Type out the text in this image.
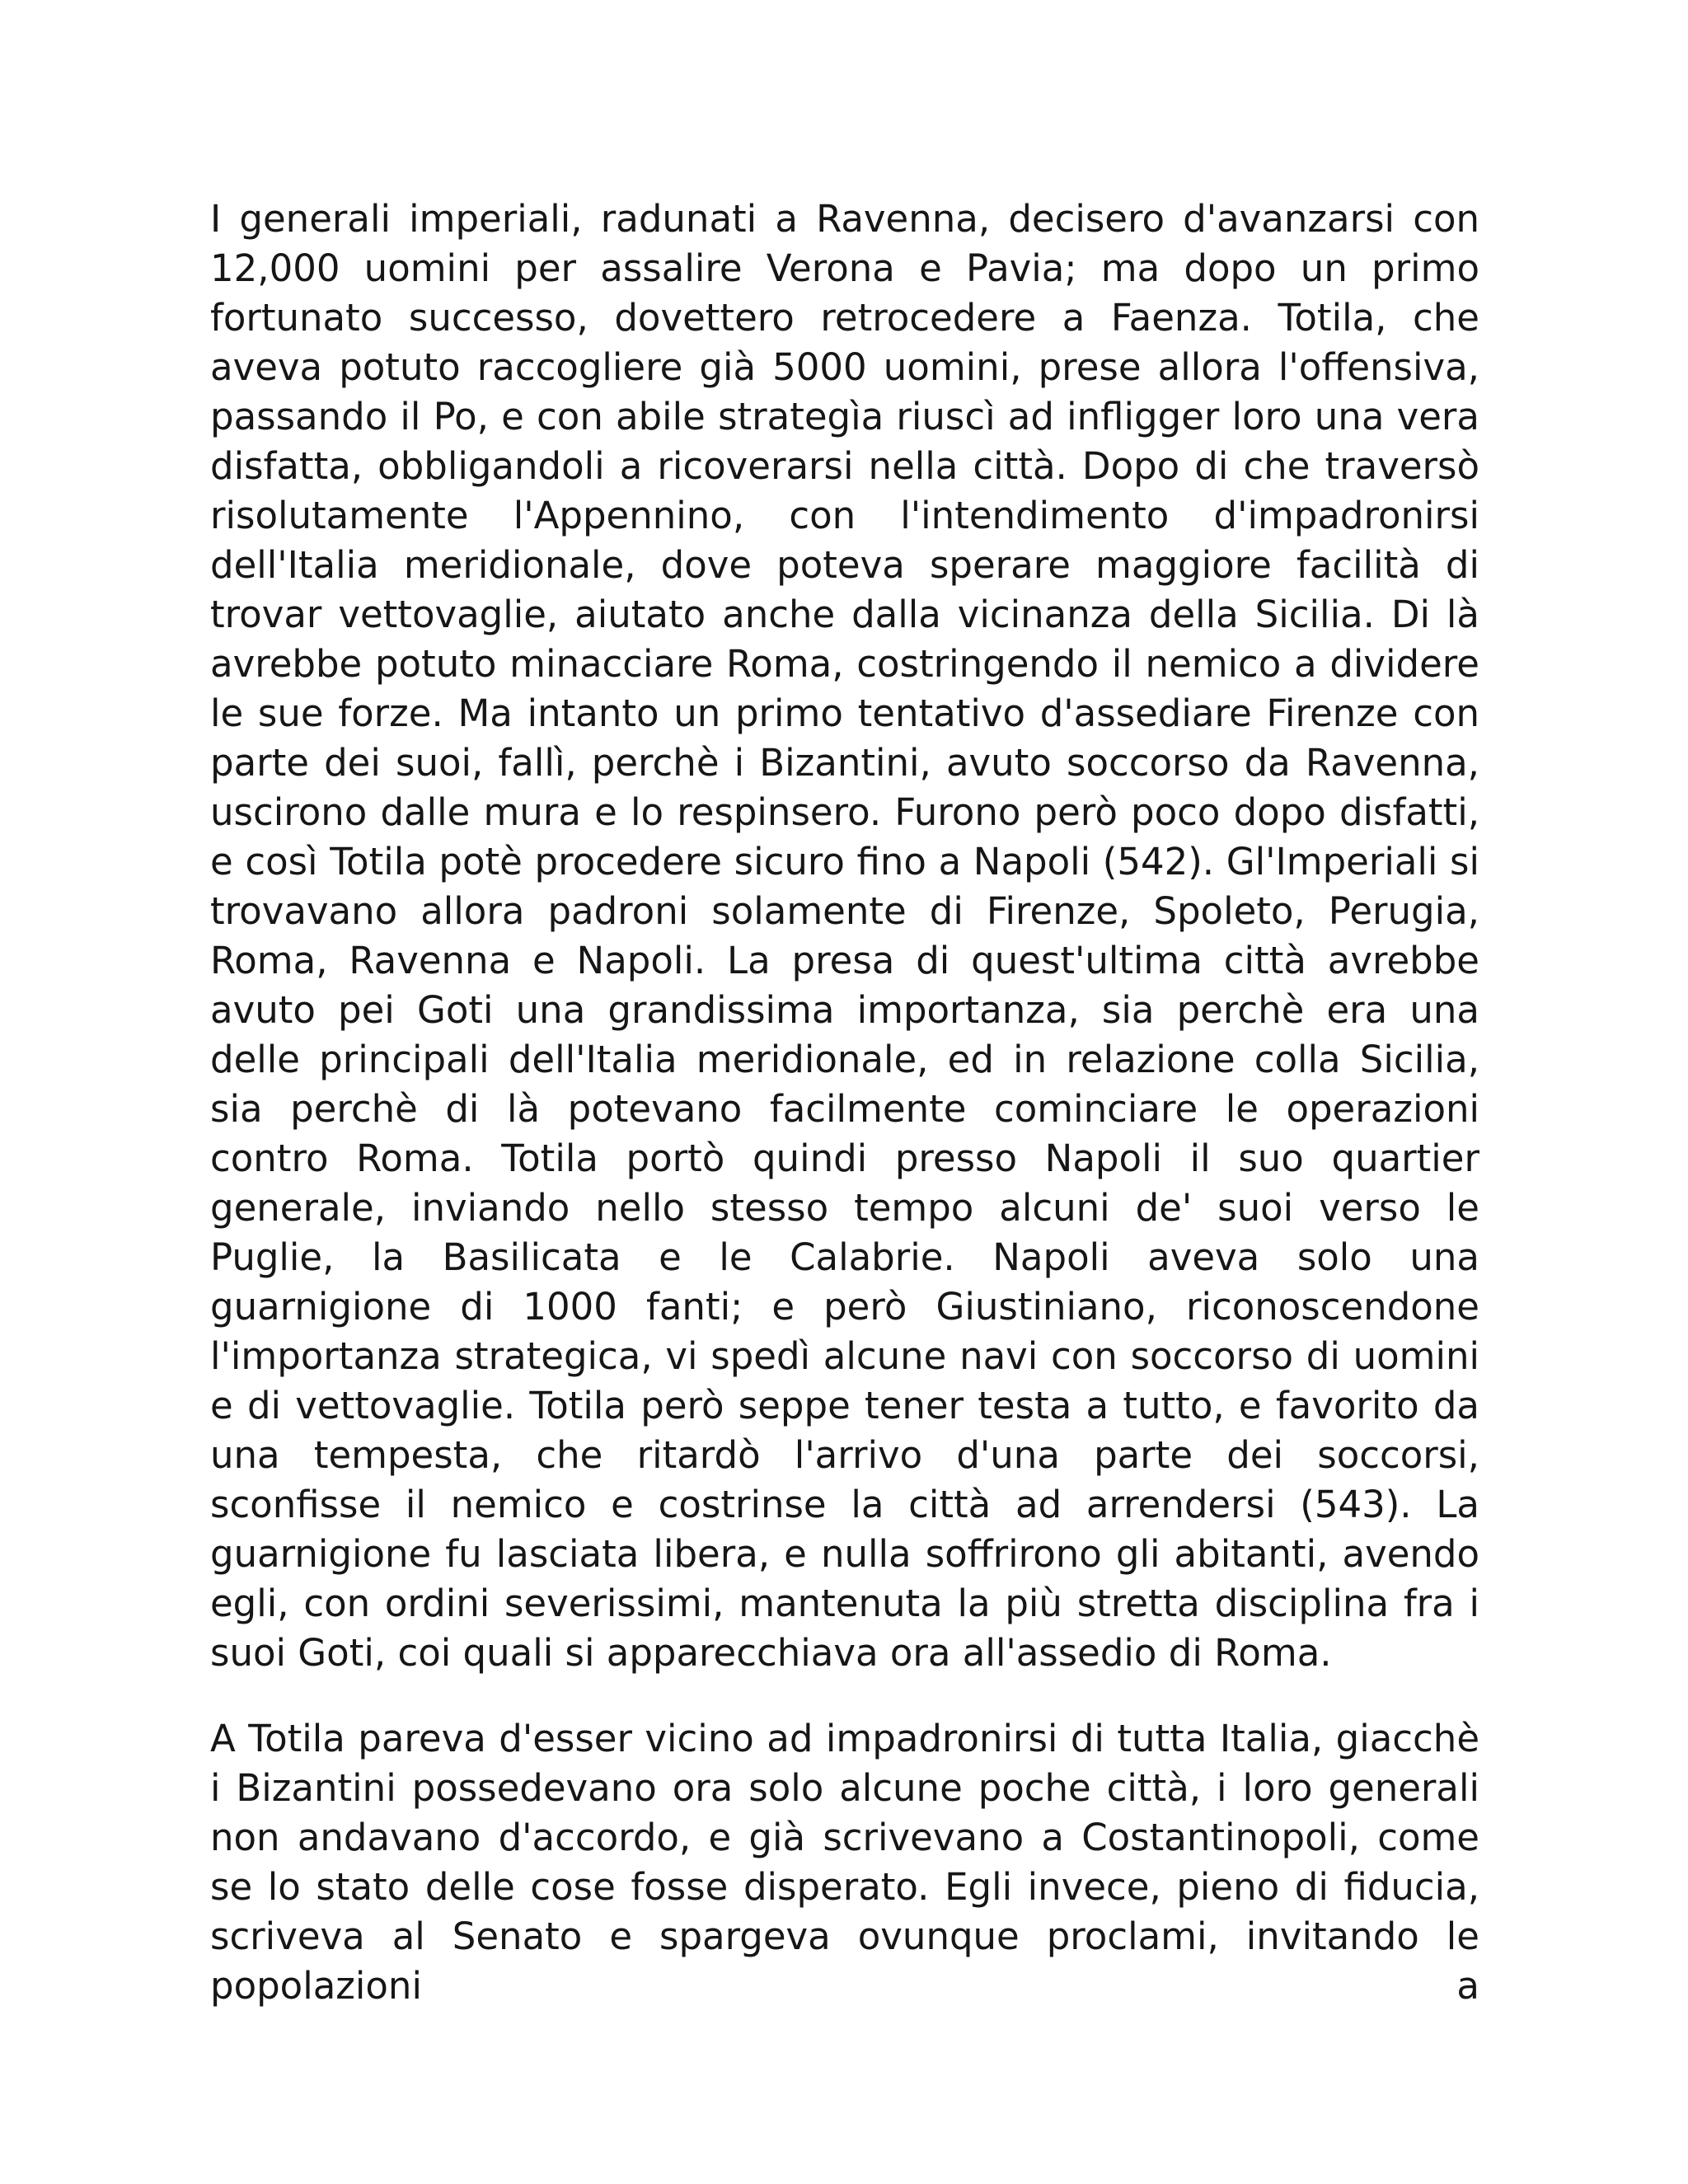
I generali imperiali, radunati a Ravenna, decisero d'avanzarsi con 12,000 uomini per assalire Verona e Pavia; ma dopo un primo fortunato successo, dovettero retrocedere a Faenza. Totila, che aveva potuto raccogliere già 5000 uomini, prese allora l'offensiva, passando il Po, e con abile strategìa riuscì ad infligger loro una vera disfatta, obbligandoli a ricoverarsi nella città. Dopo di che traversò risolutamente l'Appennino, con l'intendimento d'impadronirsi dell'Italia meridionale, dove poteva sperare maggiore facilità di trovar vettovaglie, aiutato anche dalla vicinanza della Sicilia. Di là avrebbe potuto minacciare Roma, costringendo il nemico a dividere le sue forze. Ma intanto un primo tentativo d'assediare Firenze con parte dei suoi, fallì, perchè i Bizantini, avuto soccorso da Ravenna, uscirono dalle mura e lo respinsero. Furono però poco dopo disfatti, e così Totila potè procedere sicuro fino a Napoli (542). Gl'Imperiali si trovavano allora padroni solamente di Firenze, Spoleto, Perugia, Roma, Ravenna e Napoli. La presa di quest'ultima città avrebbe avuto pei Goti una grandissima importanza, sia perchè era una delle principali dell'Italia meridionale, ed in relazione colla Sicilia, sia perchè di là potevano facilmente cominciare le operazioni contro Roma. Totila portò quindi presso Napoli il suo quartier generale, inviando nello stesso tempo alcuni de' suoi verso le Puglie, la Basilicata e le Calabrie. Napoli aveva solo una guarnigione di 1000 fanti; e però Giustiniano, riconoscendone l'importanza strategica, vi spedì alcune navi con soccorso di uomini e di vettovaglie. Totila però seppe tener testa a tutto, e favorito da una tempesta, che ritardò l'arrivo d'una parte dei soccorsi, sconfisse il nemico e costrinse la città ad arrendersi (543). La guarnigione fu lasciata libera, e nulla soffrirono gli abitanti, avendo egli, con ordini severissimi, mantenuta la più stretta disciplina fra i suoi Goti, coi quali si apparecchiava ora all'assedio di Roma.

A Totila pareva d'esser vicino ad impadronirsi di tutta Italia, giacchè i Bizantini possedevano ora solo alcune poche città, i loro generali non andavano d'accordo, e già scrivevano a Costantinopoli, come se lo stato delle cose fosse disperato. Egli invece, pieno di fiducia, scriveva al Senato e spargeva ovunque proclami, invitando le popolazioni a
